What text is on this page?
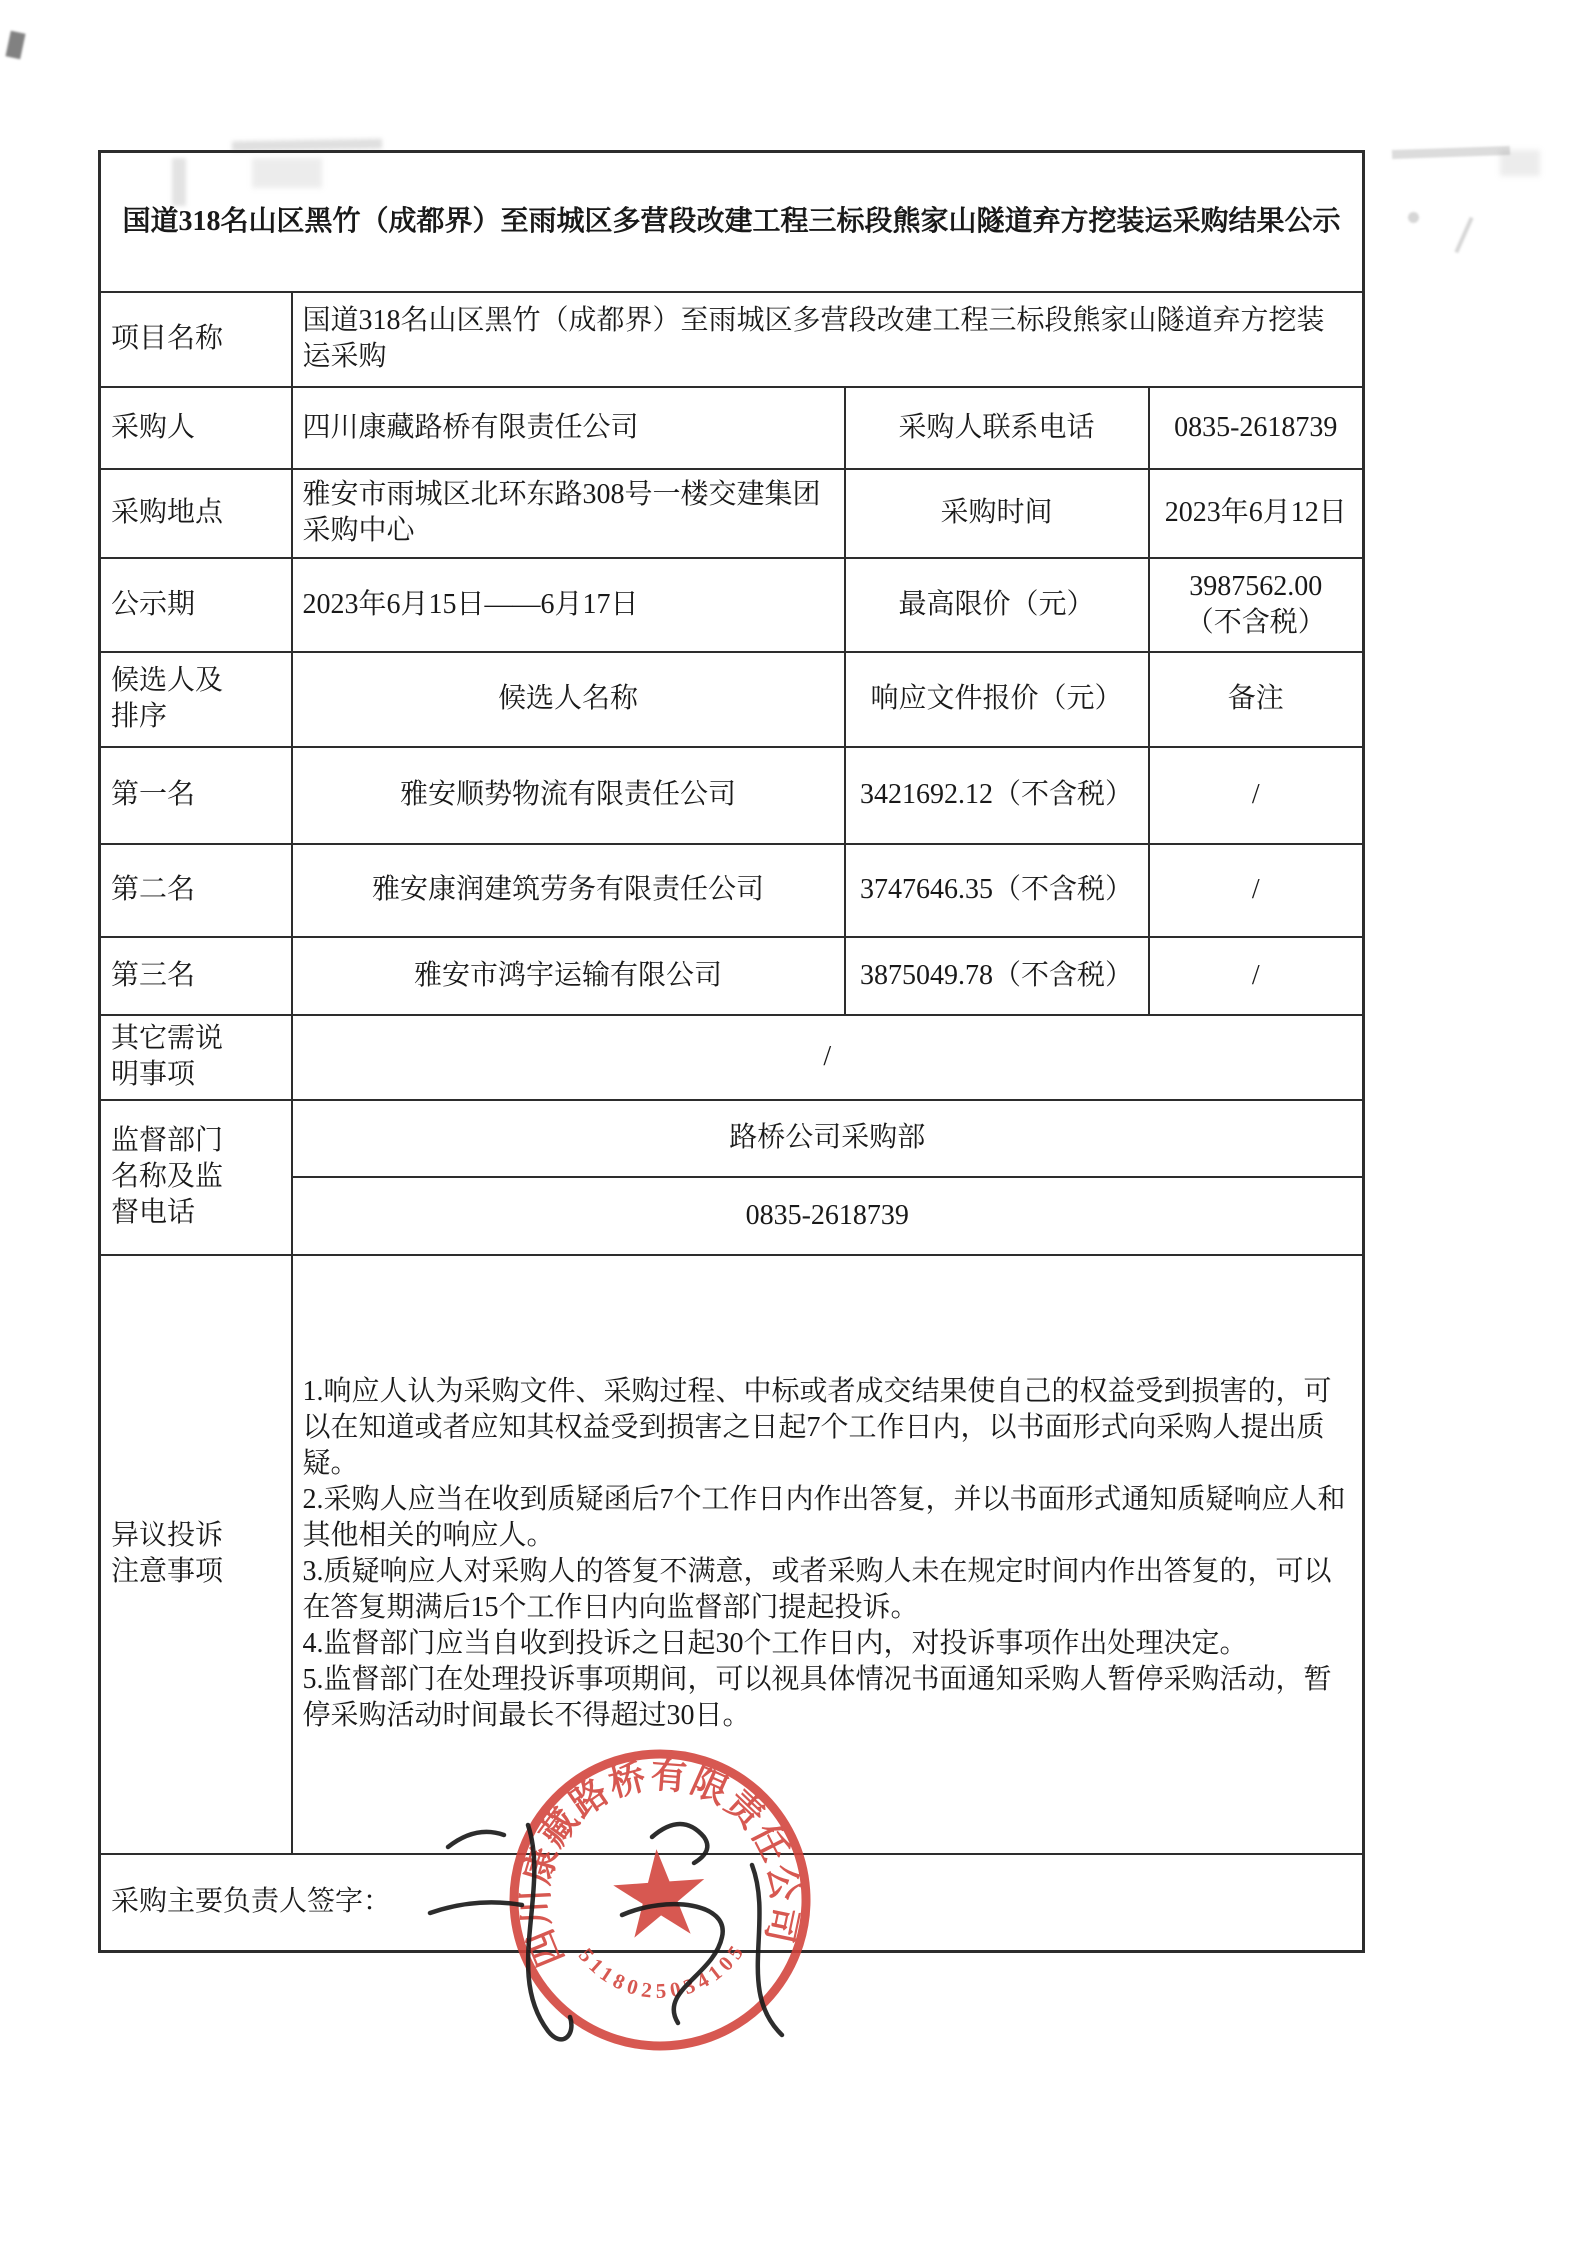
国道318名山区黑竹（成都界）至雨城区多营段改建工程三标段熊家山隧道弃方挖装运采购结果公示			

项目名称	国道318名山区黑竹（成都界）至雨城区多营段改建工程三标段熊家山隧道弃方挖装运采购		

采购人	四川康藏路桥有限责任公司	采购人联系电话	0835-2618739

采购地点	雅安市雨城区北环东路308号一楼交建集团采购中心	采购时间	2023年6月12日

公示期	2023年6月15日——6月17日	最高限价（元）	3987562.00（不含税）

候选人及排序	候选人名称	响应文件报价（元）	备注
第一名	雅安顺势物流有限责任公司	3421692.12（不含税）	/
第二名	雅安康润建筑劳务有限责任公司	3747646.35（不含税）	/
第三名	雅安市鸿宇运输有限公司	3875049.78（不含税）	/

其它需说明事项	/		

监督部门名称及监督电话	路桥公司采购部		
	0835-2618739		

异议投诉注意事项	1.响应人认为采购文件、采购过程、中标或者成交结果使自己的权益受到损害的，可以在知道或者应知其权益受到损害之日起7个工作日内，以书面形式向采购人提出质疑。

2.采购人应当在收到质疑函后7个工作日内作出答复，并以书面形式通知质疑响应人和其他相关的响应人。

3.质疑响应人对采购人的答复不满意，或者采购人未在规定时间内作出答复的，可以在答复期满后15个工作日内向监督部门提起投诉。

4.监督部门应当自收到投诉之日起30个工作日内，对投诉事项作出处理决定。

5.监督部门在处理投诉事项期间，可以视具体情况书面通知采购人暂停采购活动，暂停采购活动时间最长不得超过30日。		

采购主要负责人签字：			
四川康藏路桥有限责任公司
5118025034105
